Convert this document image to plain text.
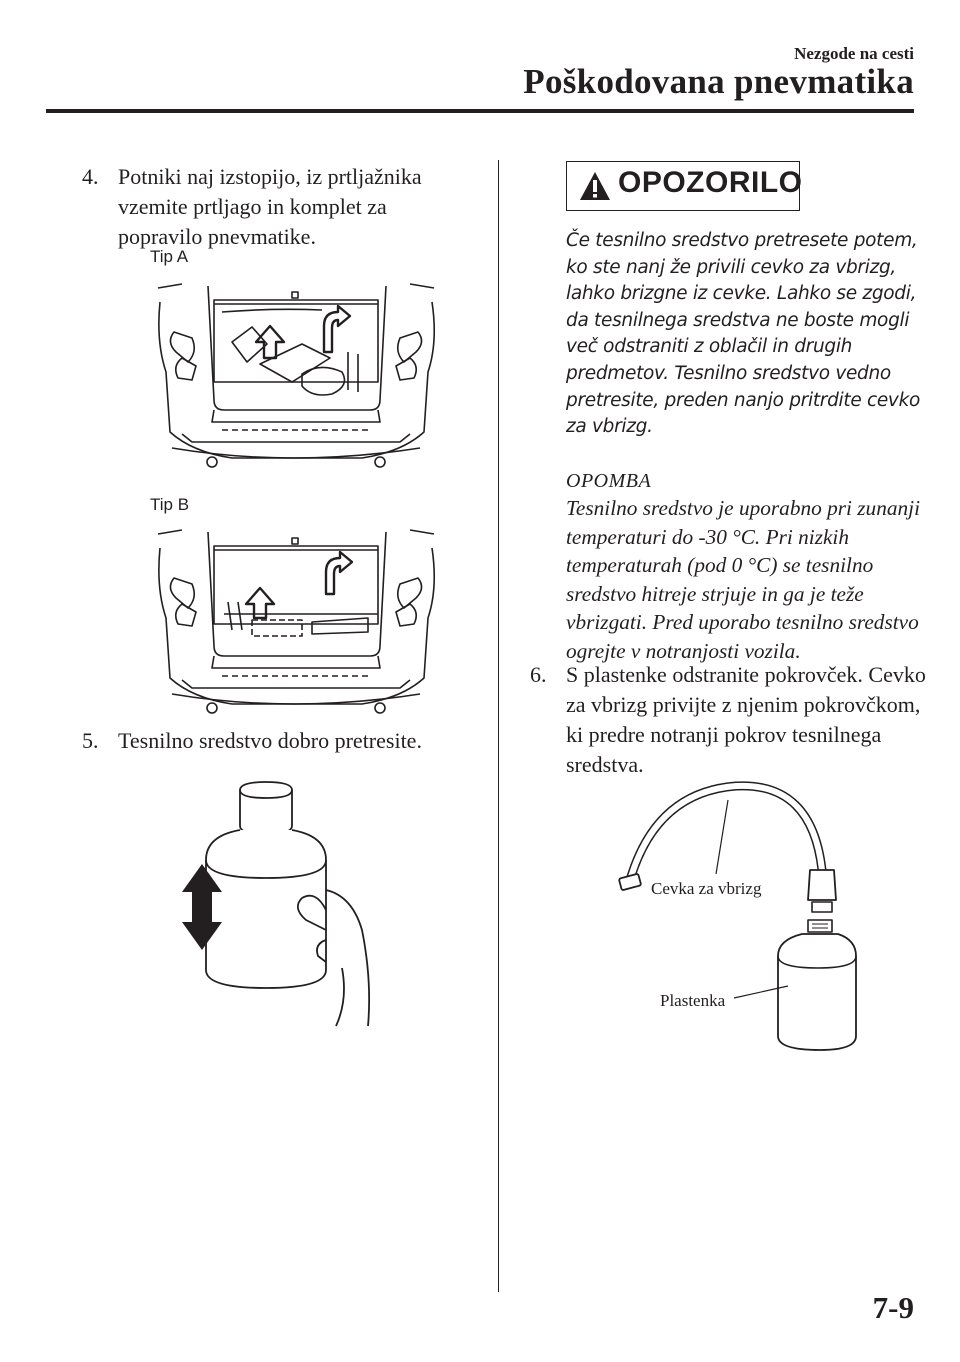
Nezgode na cesti
Poškodovana pnevmatika
4. Potniki naj izstopijo, iz prtljažnika vzemite prtljago in komplet za popravilo pnevmatike.
Tip A
Tip B
5. Tesnilno sredstvo dobro pretresite.
OPOZORILO
Če tesnilno sredstvo pretresete potem, ko ste nanj že privili cevko za vbrizg, lahko brizgne iz cevke. Lahko se zgodi, da tesnilnega sredstva ne boste mogli več odstraniti z oblačil in drugih predmetov. Tesnilno sredstvo vedno pretresite, preden nanjo pritrdite cevko za vbrizg.
OPOMBA
Tesnilno sredstvo je uporabno pri zunanji temperaturi do -30 °C. Pri nizkih temperaturah (pod 0 °C) se tesnilno sredstvo hitreje strjuje in ga je teže vbrizgati. Pred uporabo tesnilno sredstvo ogrejte v notranjosti vozila.
6. S plastenke odstranite pokrovček. Cevko za vbrizg privijte z njenim pokrovčkom, ki predre notranji pokrov tesnilnega sredstva.
Cevka za vbrizg
Plastenka
7-9
